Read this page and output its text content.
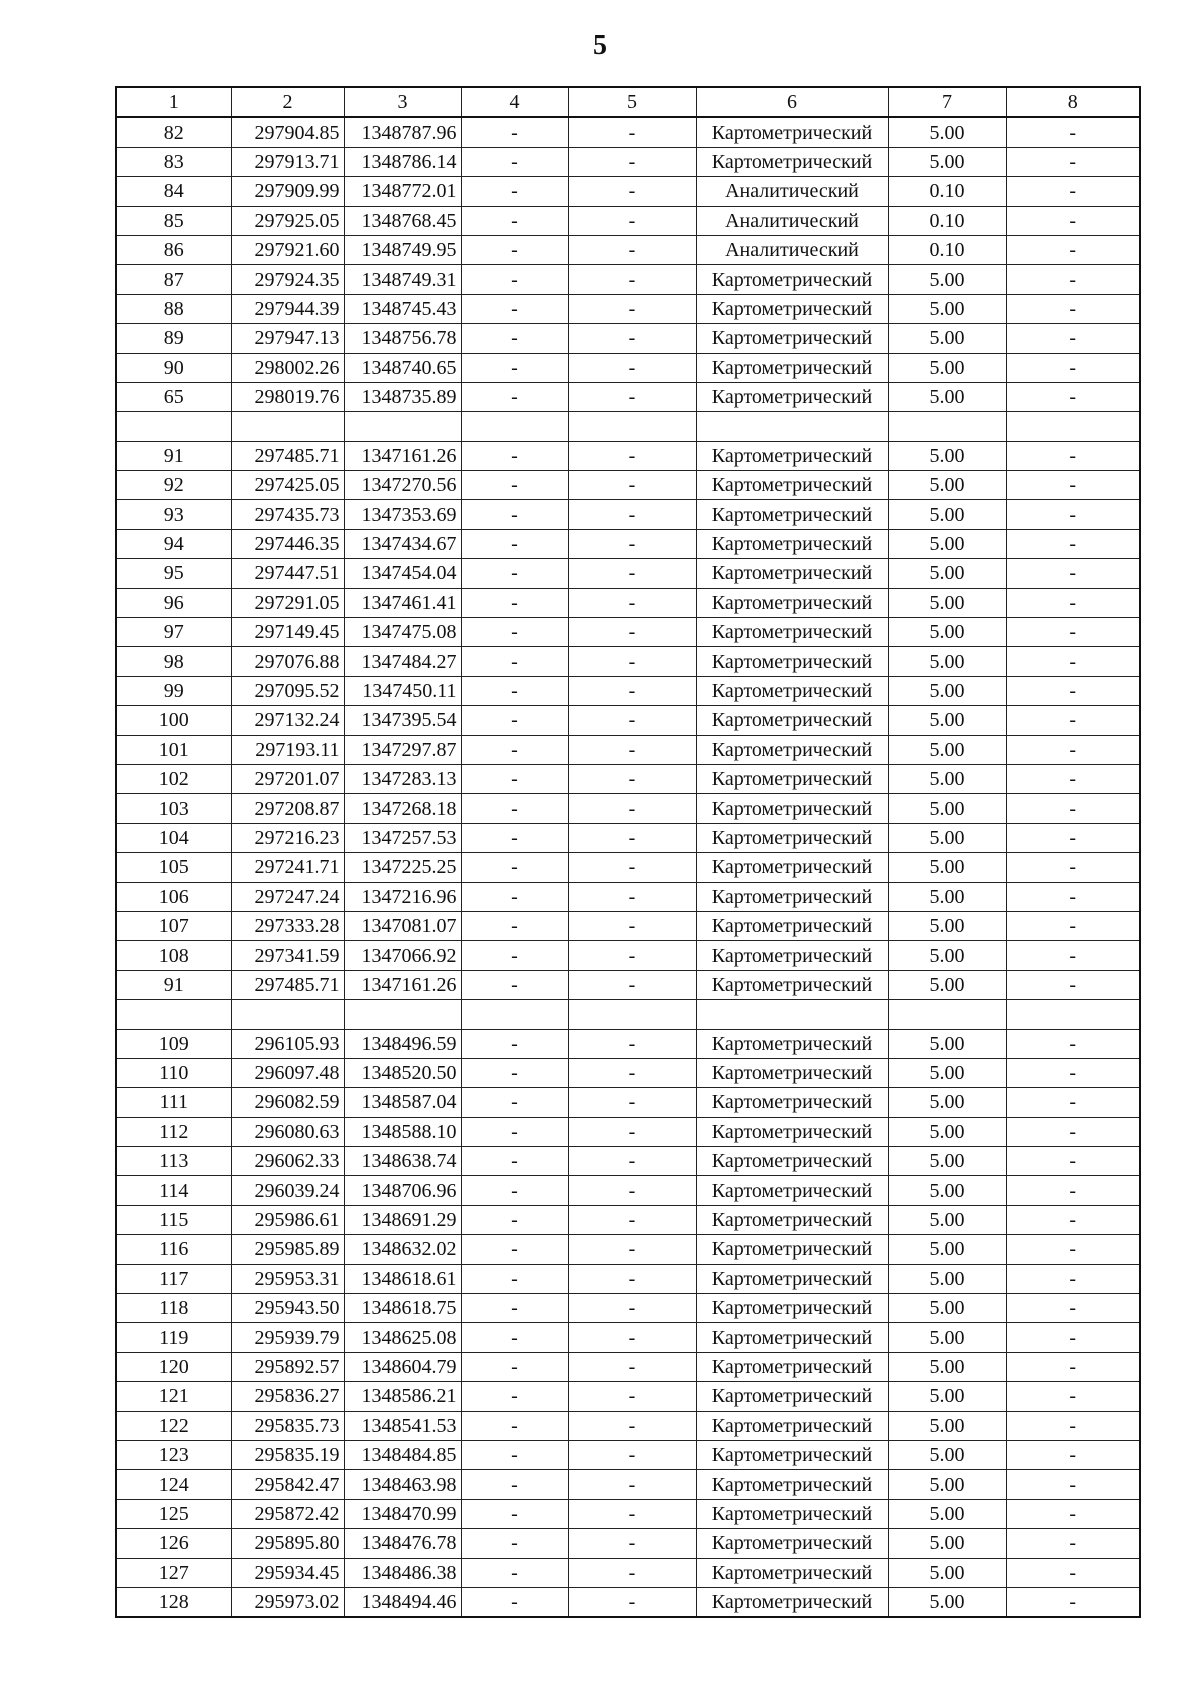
5
1	2	3	4	5	6	7	8
82	297904.85	1348787.96	-	-	Картометрический	5.00	-
83	297913.71	1348786.14	-	-	Картометрический	5.00	-
84	297909.99	1348772.01	-	-	Аналитический	0.10	-
85	297925.05	1348768.45	-	-	Аналитический	0.10	-
86	297921.60	1348749.95	-	-	Аналитический	0.10	-
87	297924.35	1348749.31	-	-	Картометрический	5.00	-
88	297944.39	1348745.43	-	-	Картометрический	5.00	-
89	297947.13	1348756.78	-	-	Картометрический	5.00	-
90	298002.26	1348740.65	-	-	Картометрический	5.00	-
65	298019.76	1348735.89	-	-	Картометрический	5.00	-

91	297485.71	1347161.26	-	-	Картометрический	5.00	-
92	297425.05	1347270.56	-	-	Картометрический	5.00	-
93	297435.73	1347353.69	-	-	Картометрический	5.00	-
94	297446.35	1347434.67	-	-	Картометрический	5.00	-
95	297447.51	1347454.04	-	-	Картометрический	5.00	-
96	297291.05	1347461.41	-	-	Картометрический	5.00	-
97	297149.45	1347475.08	-	-	Картометрический	5.00	-
98	297076.88	1347484.27	-	-	Картометрический	5.00	-
99	297095.52	1347450.11	-	-	Картометрический	5.00	-
100	297132.24	1347395.54	-	-	Картометрический	5.00	-
101	297193.11	1347297.87	-	-	Картометрический	5.00	-
102	297201.07	1347283.13	-	-	Картометрический	5.00	-
103	297208.87	1347268.18	-	-	Картометрический	5.00	-
104	297216.23	1347257.53	-	-	Картометрический	5.00	-
105	297241.71	1347225.25	-	-	Картометрический	5.00	-
106	297247.24	1347216.96	-	-	Картометрический	5.00	-
107	297333.28	1347081.07	-	-	Картометрический	5.00	-
108	297341.59	1347066.92	-	-	Картометрический	5.00	-
91	297485.71	1347161.26	-	-	Картометрический	5.00	-

109	296105.93	1348496.59	-	-	Картометрический	5.00	-
110	296097.48	1348520.50	-	-	Картометрический	5.00	-
111	296082.59	1348587.04	-	-	Картометрический	5.00	-
112	296080.63	1348588.10	-	-	Картометрический	5.00	-
113	296062.33	1348638.74	-	-	Картометрический	5.00	-
114	296039.24	1348706.96	-	-	Картометрический	5.00	-
115	295986.61	1348691.29	-	-	Картометрический	5.00	-
116	295985.89	1348632.02	-	-	Картометрический	5.00	-
117	295953.31	1348618.61	-	-	Картометрический	5.00	-
118	295943.50	1348618.75	-	-	Картометрический	5.00	-
119	295939.79	1348625.08	-	-	Картометрический	5.00	-
120	295892.57	1348604.79	-	-	Картометрический	5.00	-
121	295836.27	1348586.21	-	-	Картометрический	5.00	-
122	295835.73	1348541.53	-	-	Картометрический	5.00	-
123	295835.19	1348484.85	-	-	Картометрический	5.00	-
124	295842.47	1348463.98	-	-	Картометрический	5.00	-
125	295872.42	1348470.99	-	-	Картометрический	5.00	-
126	295895.80	1348476.78	-	-	Картометрический	5.00	-
127	295934.45	1348486.38	-	-	Картометрический	5.00	-
128	295973.02	1348494.46	-	-	Картометрический	5.00	-
